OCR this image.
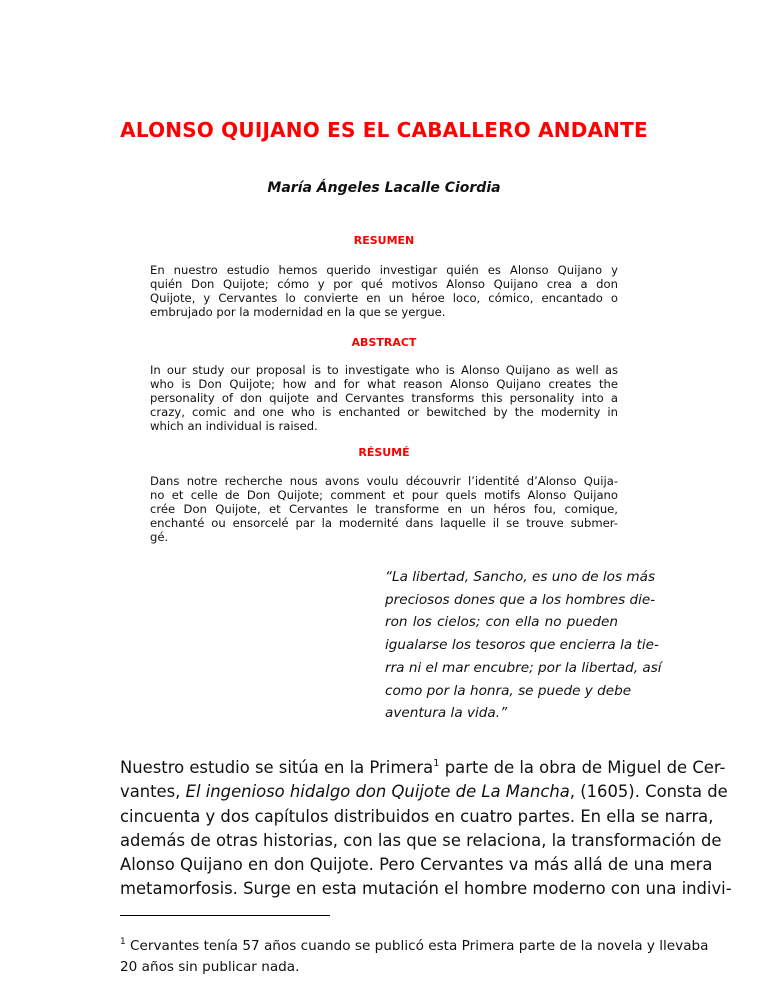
ALONSO QUIJANO ES EL CABALLERO ANDANTE
María Ángeles Lacalle Ciordia
RESUMEN
En nuestro estudio hemos querido investigar quién es Alonso Quijano y
quién Don Quijote; cómo y por qué motivos Alonso Quijano crea a don
Quijote, y Cervantes lo convierte en un héroe loco, cómico, encantado o
embrujado por la modernidad en la que se yergue.
ABSTRACT
In our study our proposal is to investigate who is Alonso Quijano as well as
who is Don Quijote; how and for what reason Alonso Quijano creates the
personality of don quijote and Cervantes transforms this personality into a
crazy, comic and one who is enchanted or bewitched by the modernity in
which an individual is raised.
RÉSUMÉ
Dans notre recherche nous avons voulu découvrir l’identité d’Alonso Quija-
no et celle de Don Quijote; comment et pour quels motifs Alonso Quijano
crée Don Quijote, et Cervantes le transforme en un héros fou, comique,
enchanté ou ensorcelé par la modernité dans laquelle il se trouve submer-
gé.
“La libertad, Sancho, es uno de los más
preciosos dones que a los hombres die-
ron los cielos; con ella no pueden
igualarse los tesoros que encierra la tie-
rra ni el mar encubre; por la libertad, así
como por la honra, se puede y debe
aventura la vida.”
Nuestro estudio se sitúa en la Primera$^1$ parte de la obra de Miguel de Cer-
vantes, El ingenioso hidalgo don Quijote de La Mancha, (1605). Consta de
cincuenta y dos capítulos distribuidos en cuatro partes. En ella se narra,
además de otras historias, con las que se relaciona, la transformación de
Alonso Quijano en don Quijote. Pero Cervantes va más allá de una mera
metamorfosis. Surge en esta mutación el hombre moderno con una indivi-
$^1$ Cervantes tenía 57 años cuando se publicó esta Primera parte de la novela y llevaba
20 años sin publicar nada.
